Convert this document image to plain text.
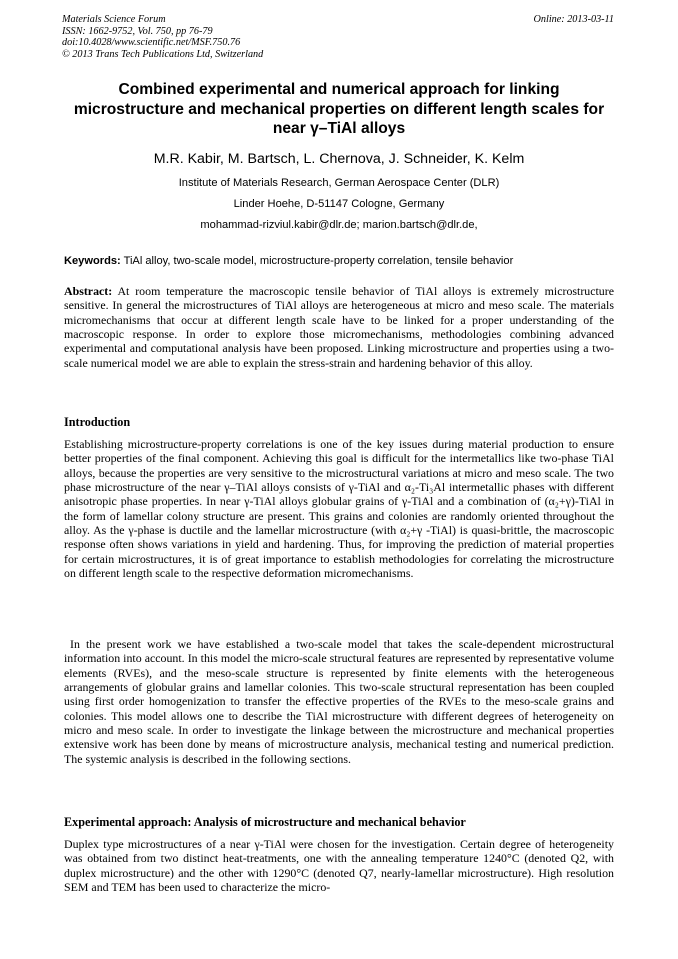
Materials Science Forum
ISSN: 1662-9752, Vol. 750, pp 76-79
doi:10.4028/www.scientific.net/MSF.750.76
© 2013 Trans Tech Publications Ltd, Switzerland
Online: 2013-03-11
Combined experimental and numerical approach for linking
microstructure and mechanical properties on different length scales for
near γ–TiAl alloys
M.R. Kabir, M. Bartsch, L. Chernova, J. Schneider, K. Kelm
Institute of Materials Research, German Aerospace Center (DLR)
Linder Hoehe, D-51147 Cologne, Germany
mohammad-rizviul.kabir@dlr.de; marion.bartsch@dlr.de,
Keywords: TiAl alloy, two-scale model, microstructure-property correlation, tensile behavior
Abstract: At room temperature the macroscopic tensile behavior of TiAl alloys is extremely microstructure sensitive. In general the microstructures of TiAl alloys are heterogeneous at micro and meso scale. The materials micromechanisms that occur at different length scale have to be linked for a proper understanding of the macroscopic response. In order to explore those micromechanisms, methodologies combining advanced experimental and computational analysis have been proposed. Linking microstructure and properties using a two-scale numerical model we are able to explain the stress-strain and hardening behavior of this alloy.
Introduction
Establishing microstructure-property correlations is one of the key issues during material production to ensure better properties of the final component. Achieving this goal is difficult for the intermetallics like two-phase TiAl alloys, because the properties are very sensitive to the microstructural variations at micro and meso scale. The two phase microstructure of the near γ–TiAl alloys consists of γ-TiAl and α₂-Ti₃Al intermetallic phases with different anisotropic phase properties. In near γ-TiAl alloys globular grains of γ-TiAl and a combination of (α₂+γ)-TiAl in the form of lamellar colony structure are present. This grains and colonies are randomly oriented throughout the alloy. As the γ-phase is ductile and the lamellar microstructure (with α₂+γ -TiAl) is quasi-brittle, the macroscopic response often shows variations in yield and hardening. Thus, for improving the prediction of material properties for certain microstructures, it is of great importance to establish methodologies for correlating the microstructure on different length scale to the respective deformation micromechanisms.
In the present work we have established a two-scale model that takes the scale-dependent microstructural information into account. In this model the micro-scale structural features are represented by representative volume elements (RVEs), and the meso-scale structure is represented by finite elements with the heterogeneous arrangements of globular grains and lamellar colonies. This two-scale structural representation has been coupled using first order homogenization to transfer the effective properties of the RVEs to the meso-scale grains and colonies. This model allows one to describe the TiAl microstructure with different degrees of heterogeneity on micro and meso scale. In order to investigate the linkage between the microstructure and mechanical properties extensive work has been done by means of microstructure analysis, mechanical testing and numerical prediction. The systemic analysis is described in the following sections.
Experimental approach: Analysis of microstructure and mechanical behavior
Duplex type microstructures of a near γ-TiAl were chosen for the investigation. Certain degree of heterogeneity was obtained from two distinct heat-treatments, one with the annealing temperature 1240°C (denoted Q2, with duplex microstructure) and the other with 1290°C (denoted Q7, nearly-lamellar microstructure). High resolution SEM and TEM has been used to characterize the micro-
